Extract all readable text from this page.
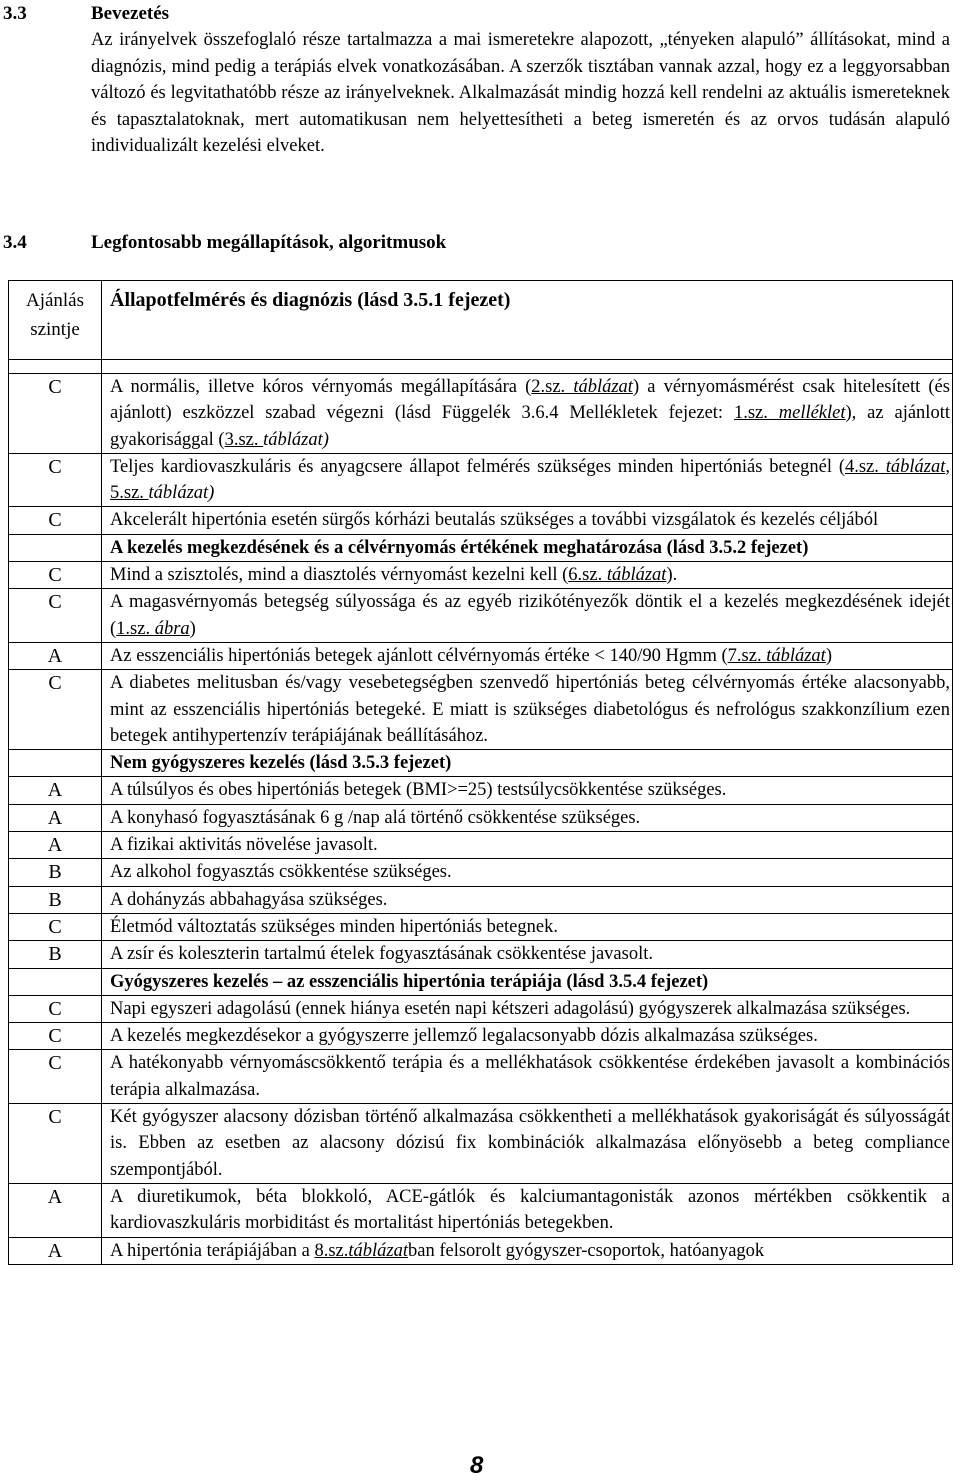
3.3	Bevezetés
Az irányelvek összefoglaló része tartalmazza a mai ismeretekre alapozott, „tényeken alapuló” állításokat, mind a diagnózis, mind pedig a terápiás elvek vonatkozásában. A szerzők tisztában vannak azzal, hogy ez a leggyorsabban változó és legvitathatóbb része az irányelveknek. Alkalmazását mindig hozzá kell rendelni az aktuális ismereteknek és tapasztalatoknak, mert automatikusan nem helyettesítheti a beteg ismeretén és az orvos tudásán alapuló individualizált kezelési elveket.
3.4	Legfontosabb megállapítások, algoritmusok
Ajánlás szintje	Állapotfelmérés és diagnózis (lásd 3.5.1 fejezet)

C	A normális, illetve kóros vérnyomás megállapítására (2.sz. táblázat) a vérnyomásmérést csak hitelesített (és ajánlott) eszközzel szabad végezni (lásd Függelék 3.6.4 Mellékletek fejezet: 1.sz. melléklet), az ajánlott gyakorisággal (3.sz. táblázat)
C	Teljes kardiovaszkuláris és anyagcsere állapot felmérés szükséges minden hipertóniás betegnél (4.sz. táblázat, 5.sz. táblázat)
C	Akcelerált hipertónia esetén sürgős kórházi beutalás szükséges a további vizsgálatok és kezelés céljából
	A kezelés megkezdésének és a célvérnyomás értékének meghatározása (lásd 3.5.2 fejezet)
C	Mind a szisztolés, mind a diasztolés vérnyomást kezelni kell (6.sz. táblázat).
C	A magasvérnyomás betegség súlyossága és az egyéb rizikótényezők döntik el a kezelés megkezdésének idejét (1.sz. ábra)
A	Az esszenciális hipertóniás betegek ajánlott célvérnyomás értéke < 140/90 Hgmm (7.sz. táblázat)
C	A diabetes melitusban és/vagy vesebetegségben szenvedő hipertóniás beteg célvérnyomás értéke alacsonyabb, mint az esszenciális hipertóniás betegeké. E miatt is szükséges diabetológus és nefrológus szakkonzílium ezen betegek antihypertenzív terápiájának beállításához.
	Nem gyógyszeres kezelés (lásd 3.5.3 fejezet)
A	A túlsúlyos és obes hipertóniás betegek (BMI>=25) testsúlycsökkentése szükséges.
A	A konyhasó fogyasztásának 6 g /nap alá történő csökkentése szükséges.
A	A fizikai aktivitás növelése javasolt.
B	Az alkohol fogyasztás csökkentése szükséges.
B	A dohányzás abbahagyása szükséges.
C	Életmód változtatás szükséges minden hipertóniás betegnek.
B	A zsír és koleszterin tartalmú ételek fogyasztásának csökkentése javasolt.
	Gyógyszeres kezelés – az esszenciális hipertónia terápiája (lásd 3.5.4 fejezet)
C	Napi egyszeri adagolású (ennek hiánya esetén napi kétszeri adagolású) gyógyszerek alkalmazása szükséges.
C	A kezelés megkezdésekor a gyógyszerre jellemző legalacsonyabb dózis alkalmazása szükséges.
C	A hatékonyabb vérnyomáscsökkentő terápia és a mellékhatások csökkentése érdekében javasolt a kombinációs terápia alkalmazása.
C	Két gyógyszer alacsony dózisban történő alkalmazása csökkentheti a mellékhatások gyakoriságát és súlyosságát is. Ebben az esetben az alacsony dózisú fix kombinációk alkalmazása előnyösebb a beteg compliance szempontjából.
A	A diuretikumok, béta blokkoló, ACE-gátlók és kalciumantagonisták azonos mértékben csökkentik a kardiovaszkuláris morbiditást és mortalitást hipertóniás betegekben.
A	A hipertónia terápiájában a 8.sz.táblázatban felsorolt gyógyszer-csoportok, hatóanyagok
8
